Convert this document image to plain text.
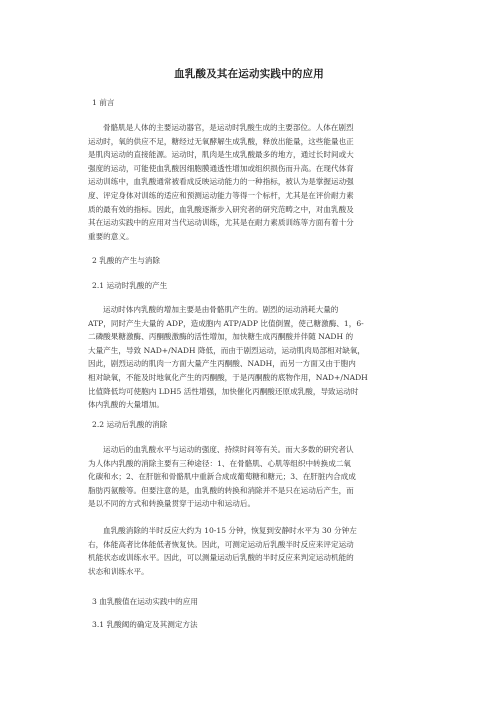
血乳酸及其在运动实践中的应用
1 前言

骨骼肌是人体的主要运动器官，是运动时乳酸生成的主要部位。人体在剧烈

运动时，氧的供应不足，糖经过无氧酵解生成乳酸，释放出能量，这些能量也正

是肌肉运动的直接能源。运动时，肌肉是生成乳酸最多的地方，通过长时间或大

强度的运动，可能使血乳酸因细胞膜通透性增加或组织损伤而升高。在现代体育

运动训练中，血乳酸通常被看成反映运动能力的一种指标，被认为是掌握运动强

度、评定身体对训练的适应和预测运动能力等得一个标杆，尤其是在评价耐力素

质的最有效的指标。因此，血乳酸逐渐步入研究者的研究范畴之中，对血乳酸及

其在运动实践中的应用对当代运动训练，尤其是在耐力素质训练等方面有着十分

重要的意义。

2 乳酸的产生与消除
2.1 运动时乳酸的产生

运动时体内乳酸的增加主要是由骨骼肌产生的。剧烈的运动消耗大量的

ATP，同时产生大量的 ADP，造成胞内 ATP/ADP 比值倒置，使己糖激酶、1，6-

二磷酸果糖激酶、丙酮酸激酶的活性增加，加快糖生成丙酮酸并伴随 NADH 的

大量产生，导致 NAD+/NADH 降低，而由于剧烈运动，运动肌肉局部相对缺氧，

因此，剧烈运动的肌肉一方面大量产生丙酮酸、NADH，而另一方面又由于胞内

相对缺氧，不能及时地氧化产生的丙酮酸，于是丙酮酸的底物作用，NAD+/NADH

比值降低均可使胞内 LDH5 活性增强，加快催化丙酮酸还原成乳酸，导致运动时

体内乳酸的大量增加。

2.2 运动后乳酸的消除

运动后的血乳酸水平与运动的强度、持续时间等有关。而大多数的研究者认

为人体内乳酸的消除主要有三种途径：1、在骨骼肌、心肌等组织中转换成二氧

化碳和水；2、在肝脏和骨骼肌中重新合成成葡萄糖和糖元；3、在肝脏内合成成

脂肪丙氨酸等。但要注意的是，血乳酸的转换和消除并不是只在运动后产生，而

是以不同的方式和转换量贯穿于运动中和运动后。

血乳酸消除的半时反应大约为 10-15 分钟，恢复到安静时水平为 30 分钟左

右，体能高者比体能低者恢复快。因此，可测定运动后乳酸半时反应来评定运动

机能状态或训练水平。因此，可以测量运动后乳酸的半时反应来判定运动机能的

状态和训练水平。

3 血乳酸值在运动实践中的应用
3.1 乳酸阈的确定及其测定方法
